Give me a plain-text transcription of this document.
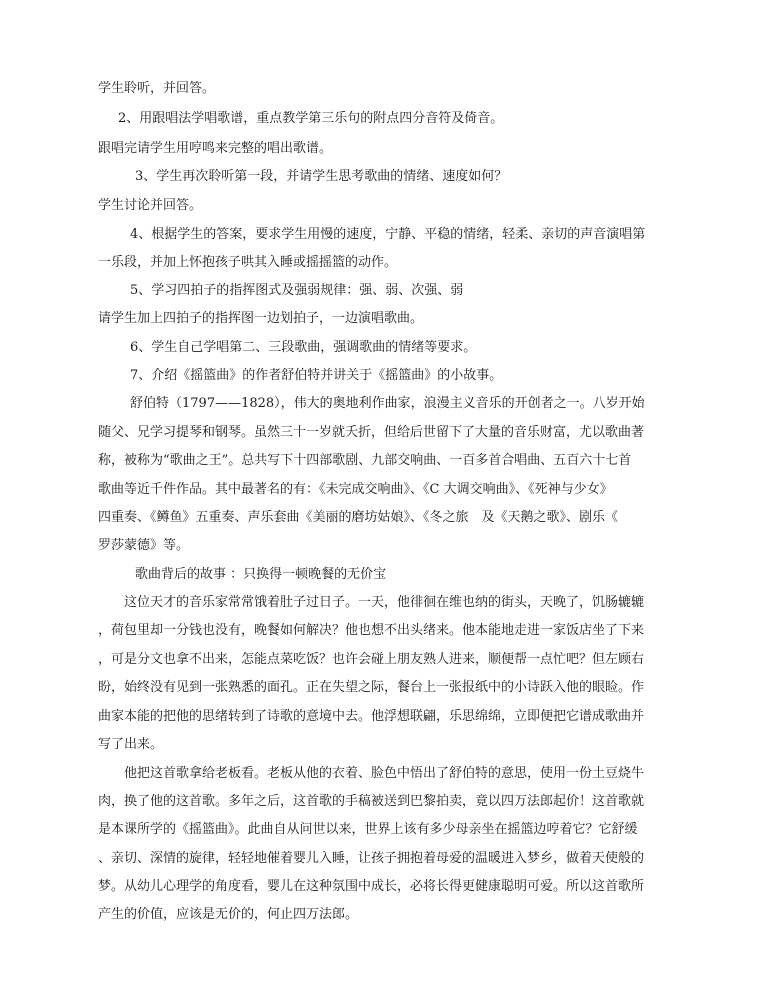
学生聆听，并回答。
2、用跟唱法学唱歌谱，重点教学第三乐句的附点四分音符及倚音。
跟唱完请学生用哼鸣来完整的唱出歌谱。
3、学生再次聆听第一段，并请学生思考歌曲的情绪、速度如何？
学生讨论并回答。
4、根据学生的答案，要求学生用慢的速度，宁静、平稳的情绪，轻柔、亲切的声音演唱第
一乐段，并加上怀抱孩子哄其入睡或摇摇篮的动作。
5、学习四拍子的指挥图式及强弱规律：强、弱、次强、弱
请学生加上四拍子的指挥图一边划拍子，一边演唱歌曲。
6、学生自己学唱第二、三段歌曲，强调歌曲的情绪等要求。
7、介绍《摇篮曲》的作者舒伯特并讲关于《摇篮曲》的小故事。
舒伯特（1797——1828），伟大的奥地利作曲家，浪漫主义音乐的开创者之一。八岁开始
随父、兄学习提琴和钢琴。虽然三十一岁就夭折，但给后世留下了大量的音乐财富，尤以歌曲著
称，被称为“歌曲之王”。总共写下十四部歌剧、九部交响曲、一百多首合唱曲、五百六十七首
歌曲等近千件作品。其中最著名的有：《未完成交响曲》、《C 大调交响曲》、《死神与少女》
四重奏、《鳟鱼》五重奏、声乐套曲《美丽的磨坊姑娘》、《冬之旅　及《天鹅之歌》、剧乐《
罗莎蒙德》等。
歌曲背后的故事 ：只换得一顿晚餐的无价宝
这位天才的音乐家常常饿着肚子过日子。一天，他徘徊在维也纳的街头，天晚了，饥肠辘辘
，荷包里却一分钱也没有，晚餐如何解决？他也想不出头绪来。他本能地走进一家饭店坐了下来
，可是分文也拿不出来，怎能点菜吃饭？也许会碰上朋友熟人进来，顺便帮一点忙吧？但左顾右
盼，始终没有见到一张熟悉的面孔。正在失望之际，餐台上一张报纸中的小诗跃入他的眼睑。作
曲家本能的把他的思绪转到了诗歌的意境中去。他浮想联翩，乐思绵绵，立即便把它谱成歌曲并
写了出来。
他把这首歌拿给老板看。老板从他的衣着、脸色中悟出了舒伯特的意思，使用一份土豆烧牛
肉，换了他的这首歌。多年之后，这首歌的手稿被送到巴黎拍卖，竟以四万法郎起价！这首歌就
是本课所学的《摇篮曲》。此曲自从问世以来，世界上该有多少母亲坐在摇篮边哼着它？它舒缓
、亲切、深情的旋律，轻轻地催着婴儿入睡，让孩子拥抱着母爱的温暖进入梦乡，做着天使般的
梦。从幼儿心理学的角度看，婴儿在这种氛围中成长，必将长得更健康聪明可爱。所以这首歌所
产生的价值，应该是无价的，何止四万法郎。
